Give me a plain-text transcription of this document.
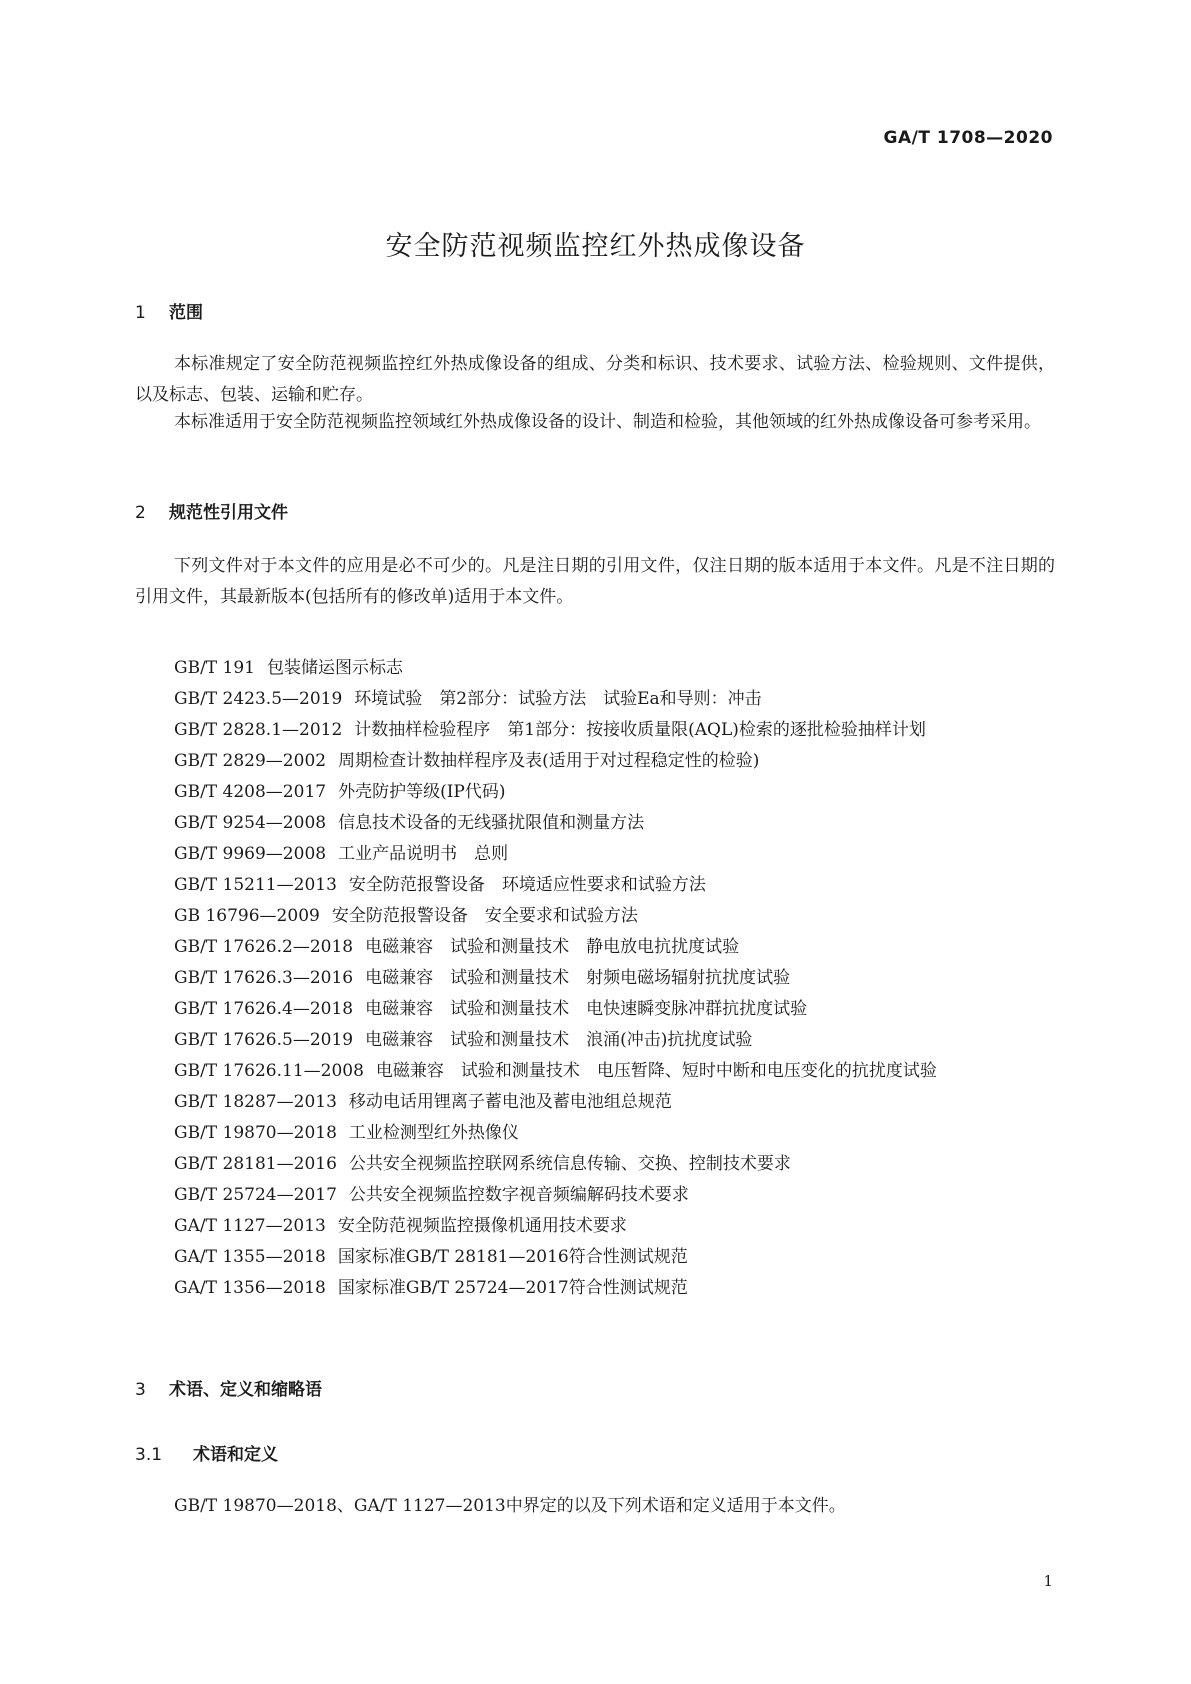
GA/T 1708—2020
安全防范视频监控红外热成像设备
1 范围

本标准规定了安全防范视频监控红外热成像设备的组成、分类和标识、技术要求、试验方法、检验规则、文件提供，以及标志、包装、运输和贮存。

本标准适用于安全防范视频监控领域红外热成像设备的设计、制造和检验，其他领域的红外热成像设备可参考采用。

2 规范性引用文件

下列文件对于本文件的应用是必不可少的。凡是注日期的引用文件，仅注日期的版本适用于本文件。凡是不注日期的引用文件，其最新版本(包括所有的修改单)适用于本文件。

GB/T 191 包装储运图示标志
GB/T 2423.5—2019 环境试验　第2部分：试验方法　试验Ea和导则：冲击
GB/T 2828.1—2012 计数抽样检验程序　第1部分：按接收质量限(AQL)检索的逐批检验抽样计划
GB/T 2829—2002 周期检查计数抽样程序及表(适用于对过程稳定性的检验)
GB/T 4208—2017 外壳防护等级(IP代码)
GB/T 9254—2008 信息技术设备的无线骚扰限值和测量方法
GB/T 9969—2008 工业产品说明书　总则
GB/T 15211—2013 安全防范报警设备　环境适应性要求和试验方法
GB 16796—2009 安全防范报警设备　安全要求和试验方法
GB/T 17626.2—2018 电磁兼容　试验和测量技术　静电放电抗扰度试验
GB/T 17626.3—2016 电磁兼容　试验和测量技术　射频电磁场辐射抗扰度试验
GB/T 17626.4—2018 电磁兼容　试验和测量技术　电快速瞬变脉冲群抗扰度试验
GB/T 17626.5—2019 电磁兼容　试验和测量技术　浪涌(冲击)抗扰度试验
GB/T 17626.11—2008 电磁兼容　试验和测量技术　电压暂降、短时中断和电压变化的抗扰度试验
GB/T 18287—2013 移动电话用锂离子蓄电池及蓄电池组总规范
GB/T 19870—2018 工业检测型红外热像仪
GB/T 28181—2016 公共安全视频监控联网系统信息传输、交换、控制技术要求
GB/T 25724—2017 公共安全视频监控数字视音频编解码技术要求
GA/T 1127—2013 安全防范视频监控摄像机通用技术要求
GA/T 1355—2018 国家标准GB/T 28181—2016符合性测试规范
GA/T 1356—2018 国家标准GB/T 25724—2017符合性测试规范
3 术语、定义和缩略语
3.1 术语和定义

GB/T 19870—2018、GA/T 1127—2013中界定的以及下列术语和定义适用于本文件。

1
